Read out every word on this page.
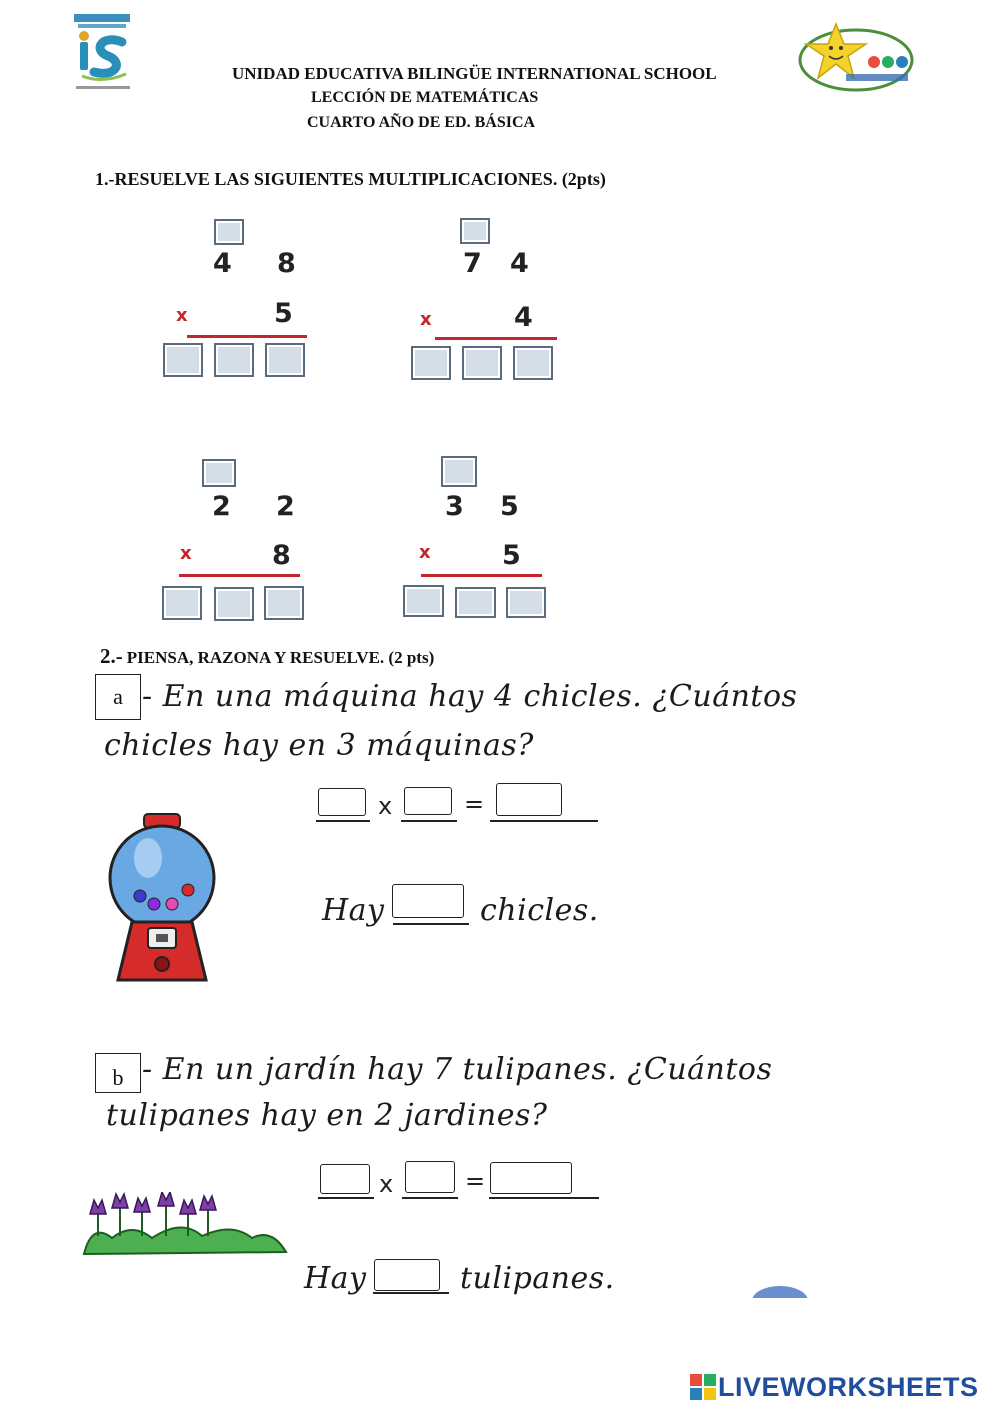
UNIDAD EDUCATIVA BILINGÜE INTERNATIONAL SCHOOL
LECCIÓN DE MATEMÁTICAS
CUARTO AÑO DE ED. BÁSICA
1.-RESUELVE LAS SIGUIENTES MULTIPLICACIONES. (2pts)
4 8
x	5
7 4
x	4
2 2
x	8
3 5
x	5
2.- PIENSA, RAZONA Y RESUELVE. (2 pts)
a - En una máquina hay 4 chicles. ¿Cuántos
chicles hay en 3 máquinas?
x	=
Hay	chicles.
b - En un jardín hay 7 tulipanes. ¿Cuántos
tulipanes hay en 2 jardines?
x	=
Hay	tulipanes.
LIVEWORKSHEETS
